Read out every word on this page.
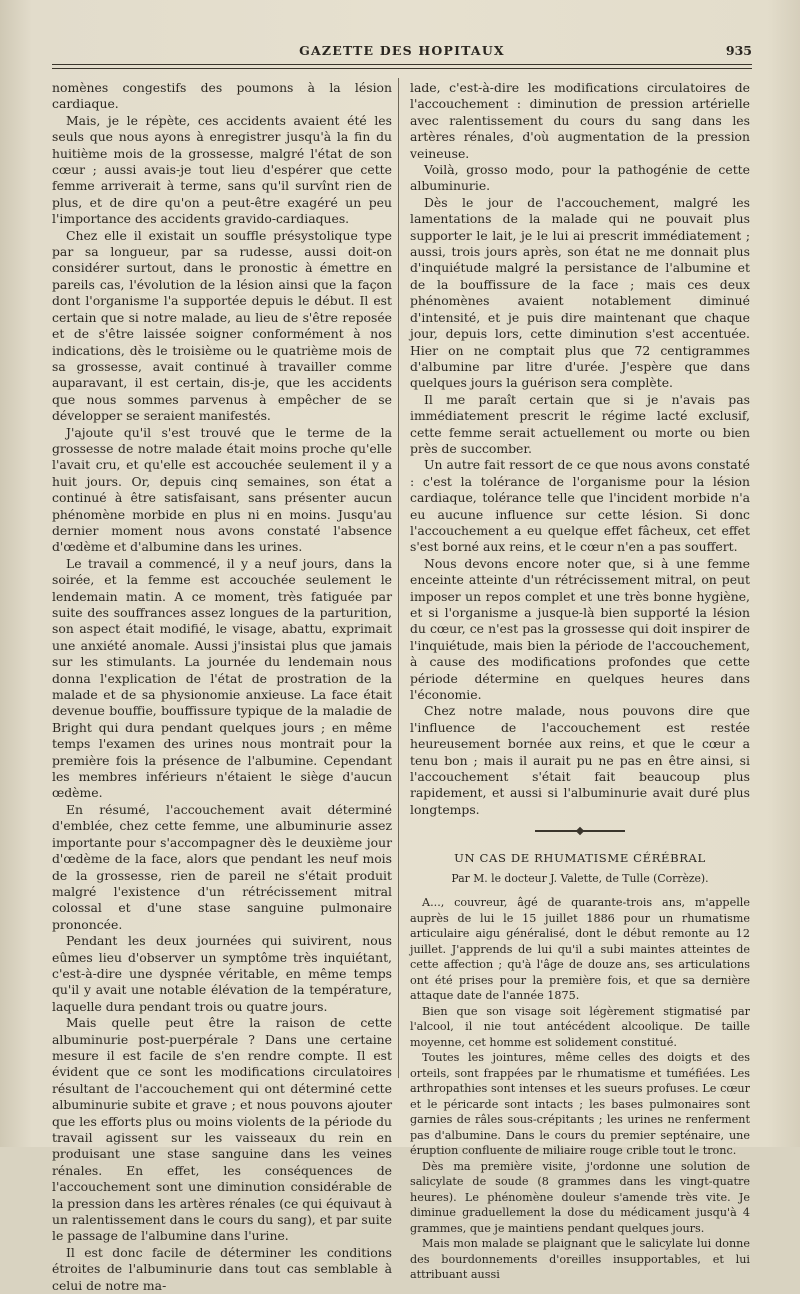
GAZETTE DES HOPITAUX	935

nomènes congestifs des poumons à la lésion cardiaque.

Mais, je le répète, ces accidents avaient été les seuls que nous ayons à enregistrer jusqu'à la fin du huitième mois de la grossesse, malgré l'état de son cœur ; aussi avais-je tout lieu d'espérer que cette femme arriverait à terme, sans qu'il survînt rien de plus, et de dire qu'on a peut-être exagéré un peu l'importance des accidents gravido-cardiaques.

Chez elle il existait un souffle présystolique type par sa longueur, par sa rudesse, aussi doit-on considérer surtout, dans le pronostic à émettre en pareils cas, l'évolution de la lésion ainsi que la façon dont l'organisme l'a supportée depuis le début. Il est certain que si notre malade, au lieu de s'être reposée et de s'être laissée soigner conformément à nos indications, dès le troisième ou le quatrième mois de sa grossesse, avait continué à travailler comme auparavant, il est certain, dis-je, que les accidents que nous sommes parvenus à empêcher de se développer se seraient manifestés.

J'ajoute qu'il s'est trouvé que le terme de la grossesse de notre malade était moins proche qu'elle l'avait cru, et qu'elle est accouchée seulement il y a huit jours. Or, depuis cinq semaines, son état a continué à être satisfaisant, sans présenter aucun phénomène morbide en plus ni en moins. Jusqu'au dernier moment nous avons constaté l'absence d'œdème et d'albumine dans les urines.

Le travail a commencé, il y a neuf jours, dans la soirée, et la femme est accouchée seulement le lendemain matin. A ce moment, très fatiguée par suite des souffrances assez longues de la parturition, son aspect était modifié, le visage, abattu, exprimait une anxiété anomale. Aussi j'insistai plus que jamais sur les stimulants. La journée du lendemain nous donna l'explication de l'état de prostration de la malade et de sa physionomie anxieuse. La face était devenue bouffie, bouffissure typique de la maladie de Bright qui dura pendant quelques jours ; en même temps l'examen des urines nous montrait pour la première fois la présence de l'albumine. Cependant les membres inférieurs n'étaient le siège d'aucun œdème.

En résumé, l'accouchement avait déterminé d'emblée, chez cette femme, une albuminurie assez importante pour s'accompagner dès le deuxième jour d'œdème de la face, alors que pendant les neuf mois de la grossesse, rien de pareil ne s'était produit malgré l'existence d'un rétrécissement mitral colossal et d'une stase sanguine pulmonaire prononcée.

Pendant les deux journées qui suivirent, nous eûmes lieu d'observer un symptôme très inquiétant, c'est-à-dire une dyspnée véritable, en même temps qu'il y avait une notable élévation de la température, laquelle dura pendant trois ou quatre jours.

Mais quelle peut être la raison de cette albuminurie post-puerpérale ? Dans une certaine mesure il est facile de s'en rendre compte. Il est évident que ce sont les modifications circulatoires résultant de l'accouchement qui ont déterminé cette albuminurie subite et grave ; et nous pouvons ajouter que les efforts plus ou moins violents de la période du travail agissent sur les vaisseaux du rein en produisant une stase sanguine dans les veines rénales. En effet, les conséquences de l'accouchement sont une diminution considérable de la pression dans les artères rénales (ce qui équivaut à un ralentissement dans le cours du sang), et par suite le passage de l'albumine dans l'urine.

Il est donc facile de déterminer les conditions étroites de l'albuminurie dans tout cas semblable à celui de notre ma-

lade, c'est-à-dire les modifications circulatoires de l'accouchement : diminution de pression artérielle avec ralentissement du cours du sang dans les artères rénales, d'où augmentation de la pression veineuse.

Voilà, grosso modo, pour la pathogénie de cette albuminurie.

Dès le jour de l'accouchement, malgré les lamentations de la malade qui ne pouvait plus supporter le lait, je le lui ai prescrit immédiatement ; aussi, trois jours après, son état ne me donnait plus d'inquiétude malgré la persistance de l'albumine et de la bouffissure de la face ; mais ces deux phénomènes avaient notablement diminué d'intensité, et je puis dire maintenant que chaque jour, depuis lors, cette diminution s'est accentuée. Hier on ne comptait plus que 72 centigrammes d'albumine par litre d'urée. J'espère que dans quelques jours la guérison sera complète.

Il me paraît certain que si je n'avais pas immédiatement prescrit le régime lacté exclusif, cette femme serait actuellement ou morte ou bien près de succomber.

Un autre fait ressort de ce que nous avons constaté : c'est la tolérance de l'organisme pour la lésion cardiaque, tolérance telle que l'incident morbide n'a eu aucune influence sur cette lésion. Si donc l'accouchement a eu quelque effet fâcheux, cet effet s'est borné aux reins, et le cœur n'en a pas souffert.

Nous devons encore noter que, si à une femme enceinte atteinte d'un rétrécissement mitral, on peut imposer un repos complet et une très bonne hygiène, et si l'organisme a jusque-là bien supporté la lésion du cœur, ce n'est pas la grossesse qui doit inspirer de l'inquiétude, mais bien la période de l'accouchement, à cause des modifications profondes que cette période détermine en quelques heures dans l'économie.

Chez notre malade, nous pouvons dire que l'influence de l'accouchement est restée heureusement bornée aux reins, et que le cœur a tenu bon ; mais il aurait pu ne pas en être ainsi, si l'accouchement s'était fait beaucoup plus rapidement, et aussi si l'albuminurie avait duré plus longtemps.

UN CAS DE RHUMATISME CÉRÉBRAL
Par M. le docteur J. Valette, de Tulle (Corrèze).

A..., couvreur, âgé de quarante-trois ans, m'appelle auprès de lui le 15 juillet 1886 pour un rhumatisme articulaire aigu généralisé, dont le début remonte au 12 juillet. J'apprends de lui qu'il a subi maintes atteintes de cette affection ; qu'à l'âge de douze ans, ses articulations ont été prises pour la première fois, et que sa dernière attaque date de l'année 1875.

Bien que son visage soit légèrement stigmatisé par l'alcool, il nie tout antécédent alcoolique. De taille moyenne, cet homme est solidement constitué.

Toutes les jointures, même celles des doigts et des orteils, sont frappées par le rhumatisme et tuméfiées. Les arthropathies sont intenses et les sueurs profuses. Le cœur et le péricarde sont intacts ; les bases pulmonaires sont garnies de râles sous-crépitants ; les urines ne renferment pas d'albumine. Dans le cours du premier septénaire, une éruption confluente de miliaire rouge crible tout le tronc.

Dès ma première visite, j'ordonne une solution de salicylate de soude (8 grammes dans les vingt-quatre heures). Le phénomène douleur s'amende très vite. Je diminue graduellement la dose du médicament jusqu'à 4 grammes, que je maintiens pendant quelques jours.

Mais mon malade se plaignant que le salicylate lui donne des bourdonnements d'oreilles insupportables, et lui attribuant aussi
